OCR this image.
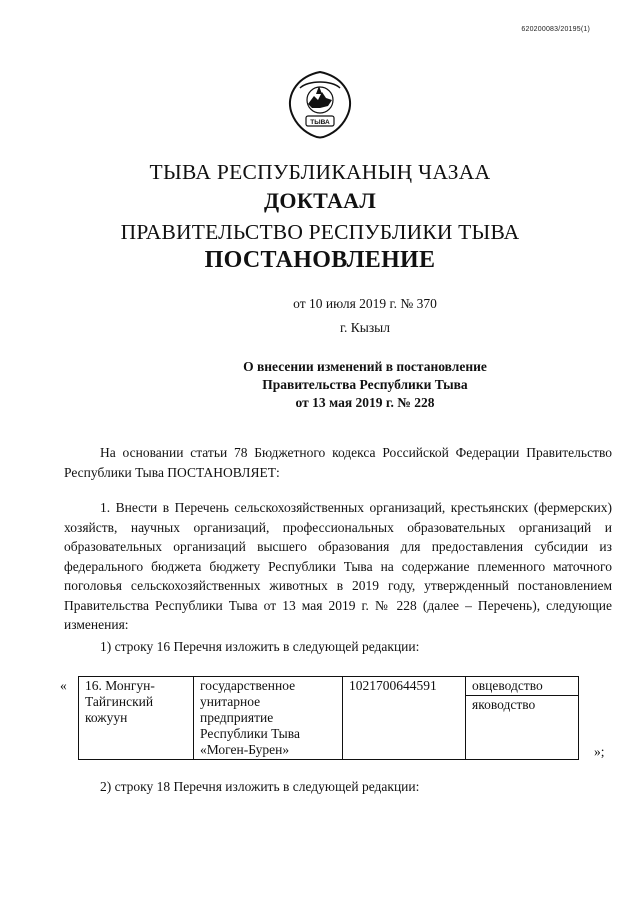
620200083/20195(1)
ТЫВА
ТЫВА РЕСПУБЛИКАНЫҢ ЧАЗАА
ДОКТААЛ
ПРАВИТЕЛЬСТВО РЕСПУБЛИКИ ТЫВА
ПОСТАНОВЛЕНИЕ
от 10 июля 2019 г. № 370
г. Кызыл
О внесении изменений в постановление
Правительства Республики Тыва
от 13 мая 2019 г. № 228
На основании статьи 78 Бюджетного кодекса Российской Федерации Правительство Республики Тыва ПОСТАНОВЛЯЕТ:
1. Внести в Перечень сельскохозяйственных организаций, крестьянских (фермерских) хозяйств, научных организаций, профессиональных образовательных организаций и образовательных организаций высшего образования для предоставления субсидии из федерального бюджета бюджету Республики Тыва на содержание племенного маточного поголовья сельскохозяйственных животных в 2019 году, утвержденный постановлением Правительства Республики Тыва от 13 мая 2019 г. № 228 (далее – Перечень), следующие изменения:
1) строку 16 Перечня изложить в следующей редакции:
« 16. Монгун-Тайгинский кожуун	государственное унитарное предприятие Республики Тыва «Моген-Бурен»	1021700644591	овцеводство
яководство
»;
2) строку 18 Перечня изложить в следующей редакции:
